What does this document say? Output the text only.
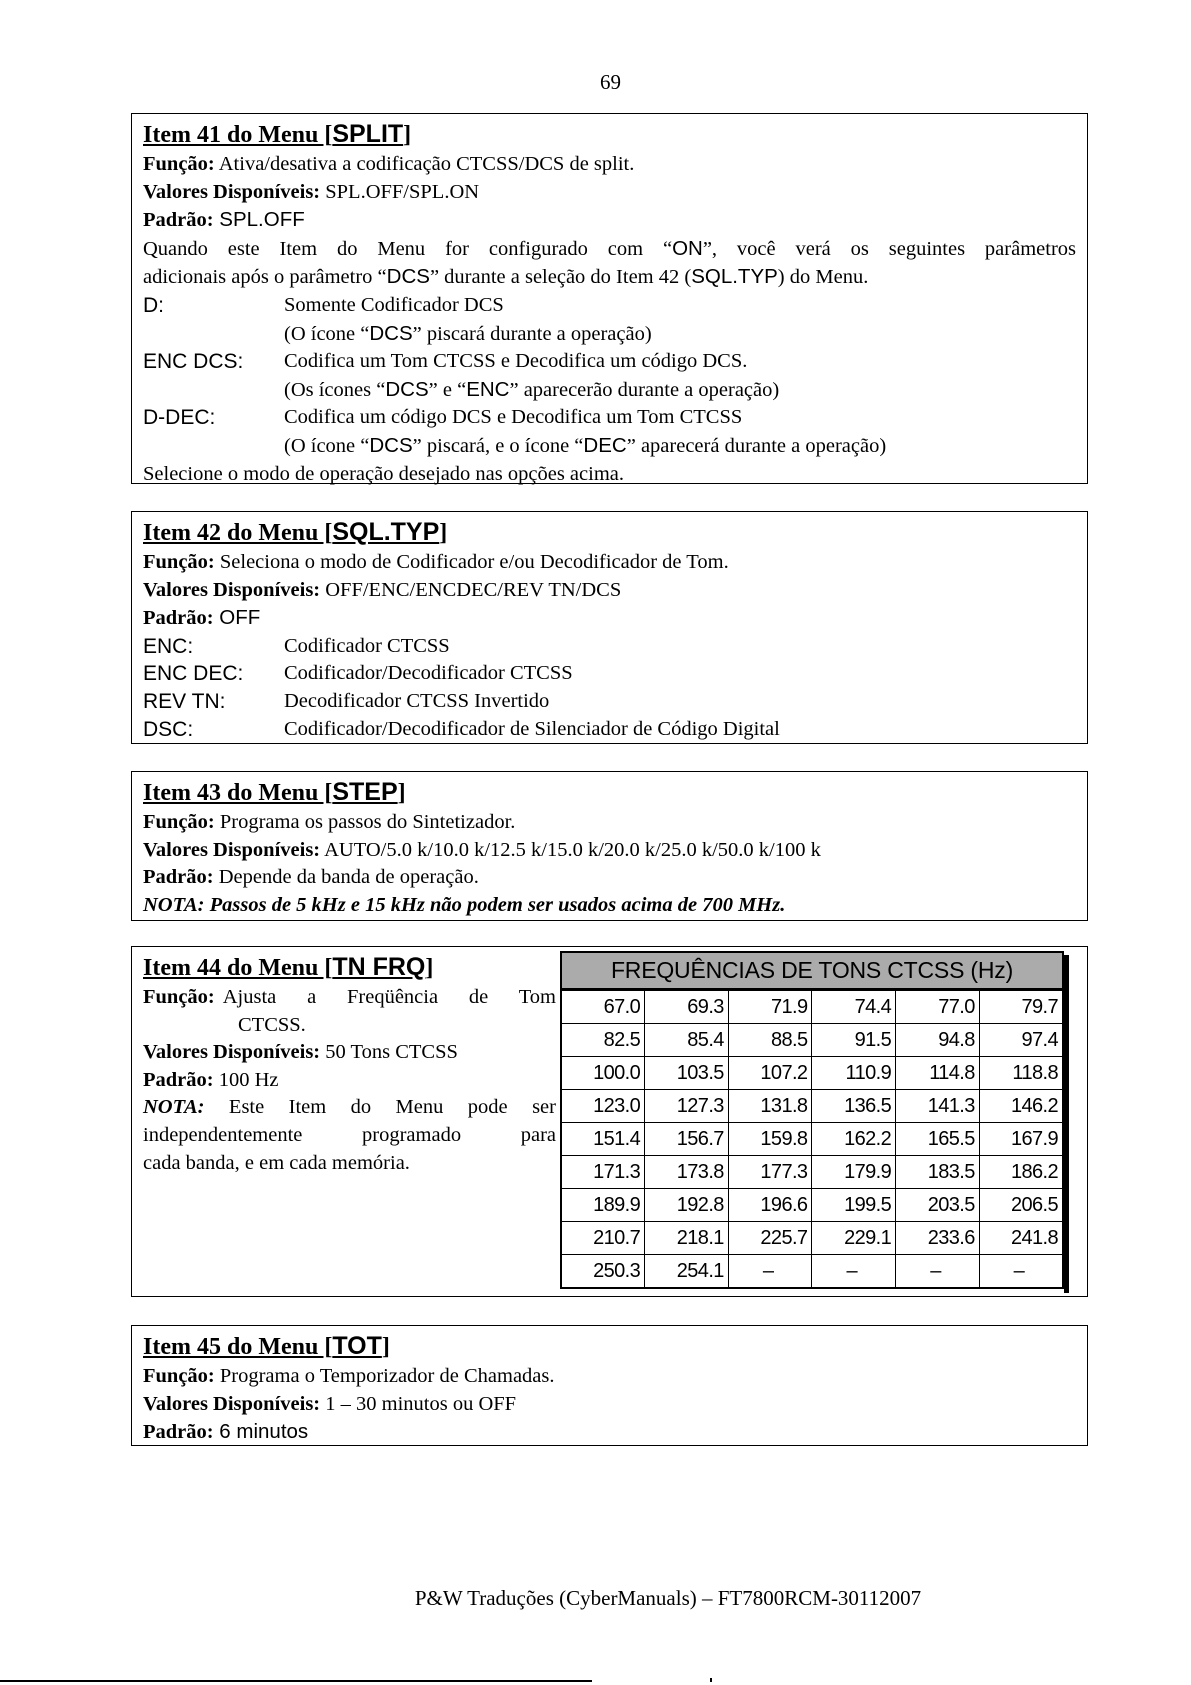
69
Item 41 do Menu [SPLIT]
Função: Ativa/desativa a codificação CTCSS/DCS de split.
Valores Disponíveis: SPL.OFF/SPL.ON
Padrão: SPL.OFF
Quando este Item do Menu for configurado com “ON”, você verá os seguintes parâmetros
adicionais após o parâmetro “DCS” durante a seleção do Item 42 (SQL.TYP) do Menu.
D:	Somente Codificador DCS
(O ícone “DCS” piscará durante a operação)
ENC DCS:	Codifica um Tom CTCSS e Decodifica um código DCS.
(Os ícones “DCS” e “ENC” aparecerão durante a operação)
D-DEC:	Codifica um código DCS e Decodifica um Tom CTCSS
(O ícone “DCS” piscará, e o ícone “DEC” aparecerá durante a operação)
Selecione o modo de operação desejado nas opções acima.
Item 42 do Menu [SQL.TYP]
Função: Seleciona o modo de Codificador e/ou Decodificador de Tom.
Valores Disponíveis: OFF/ENC/ENCDEC/REV TN/DCS
Padrão: OFF
ENC:	Codificador CTCSS
ENC DEC:	Codificador/Decodificador CTCSS
REV TN:	Decodificador CTCSS Invertido
DSC:	Codificador/Decodificador de Silenciador de Código Digital
Item 43 do Menu [STEP]
Função: Programa os passos do Sintetizador.
Valores Disponíveis: AUTO/5.0 k/10.0 k/12.5 k/15.0 k/20.0 k/25.0 k/50.0 k/100 k
Padrão: Depende da banda de operação.
NOTA: Passos de 5 kHz e 15 kHz não podem ser usados acima de 700 MHz.
Item 44 do Menu [TN FRQ]
Função: Ajusta a Freqüência de Tom
CTCSS.
Valores Disponíveis: 50 Tons CTCSS
Padrão: 100 Hz
NOTA: Este Item do Menu pode ser
independentemente programado para
cada banda, e em cada memória.
FREQUÊNCIAS DE TONS CTCSS (Hz)
67.0	69.3	71.9	74.4	77.0	79.7
82.5	85.4	88.5	91.5	94.8	97.4
100.0	103.5	107.2	110.9	114.8	118.8
123.0	127.3	131.8	136.5	141.3	146.2
151.4	156.7	159.8	162.2	165.5	167.9
171.3	173.8	177.3	179.9	183.5	186.2
189.9	192.8	196.6	199.5	203.5	206.5
210.7	218.1	225.7	229.1	233.6	241.8
250.3	254.1	–	–	–	–
Item 45 do Menu [TOT]
Função: Programa o Temporizador de Chamadas.
Valores Disponíveis: 1 – 30 minutos ou OFF
Padrão: 6 minutos
P&W Traduções (CyberManuals) – FT7800RCM-30112007
